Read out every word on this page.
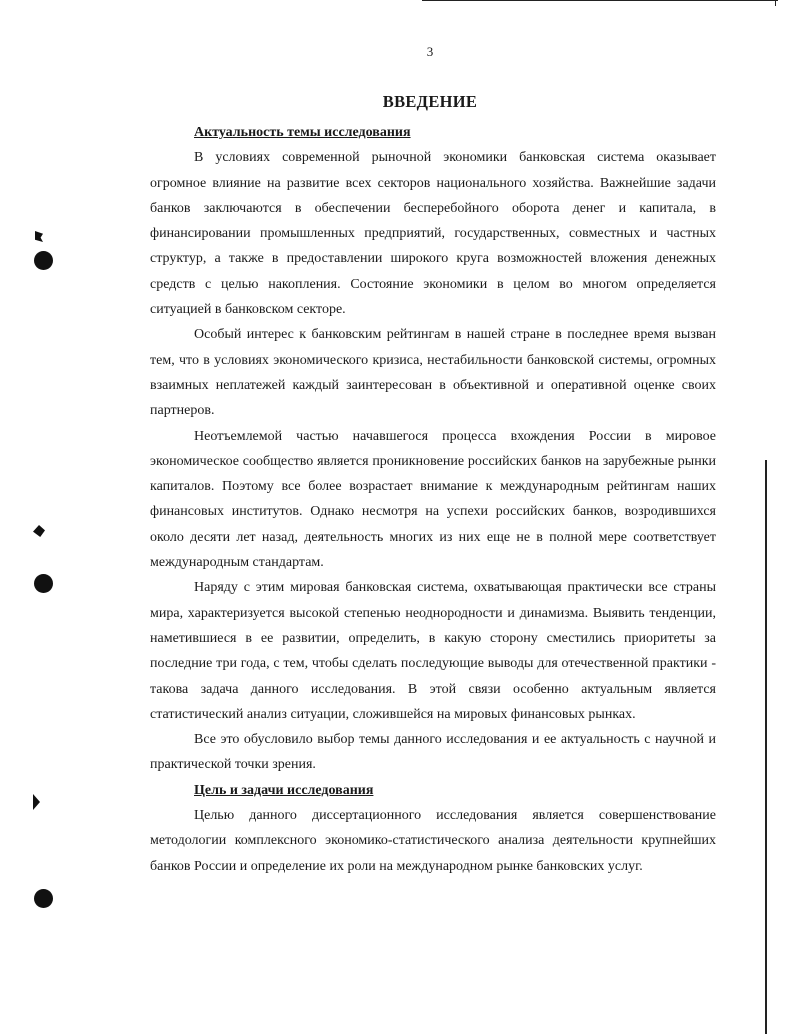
3
ВВЕДЕНИЕ

Актуальность темы исследования

В условиях современной рыночной экономики банковская система оказывает огромное влияние на развитие всех секторов национального хозяйства. Важнейшие задачи банков заключаются в обеспечении бесперебойного оборота денег и капитала, в финансировании промышленных предприятий, государственных, совместных и частных структур, а также в предоставлении широкого круга возможностей вложения денежных средств с целью накопления. Состояние экономики в целом во многом определяется ситуацией в банковском секторе.

Особый интерес к банковским рейтингам в нашей стране в последнее время вызван тем, что в условиях экономического кризиса, нестабильности банковской системы, огромных взаимных неплатежей каждый заинтересован в объективной и оперативной оценке своих партнеров.

Неотъемлемой частью начавшегося процесса вхождения России в мировое экономическое сообщество является проникновение российских банков на зарубежные рынки капиталов. Поэтому все более возрастает внимание к международным рейтингам наших финансовых институтов. Однако несмотря на успехи российских банков, возродившихся около десяти лет назад, деятельность многих из них еще не в полной мере соответствует международным стандартам.

Наряду с этим мировая банковская система, охватывающая практически все страны мира, характеризуется высокой степенью неоднородности и динамизма. Выявить тенденции, наметившиеся в ее развитии, определить, в какую сторону сместились приоритеты за последние три года, с тем, чтобы сделать последующие выводы для отечественной практики - такова задача данного исследования. В этой связи особенно актуальным является статистический анализ ситуации, сложившейся на мировых финансовых рынках.

Все это обусловило выбор темы данного исследования и ее актуальность с научной и практической точки зрения.

Цель и задачи исследования

Целью данного диссертационного исследования является совершенствование методологии комплексного экономико-статистического анализа деятельности крупнейших банков России и определение их роли на международном рынке банковских услуг.
